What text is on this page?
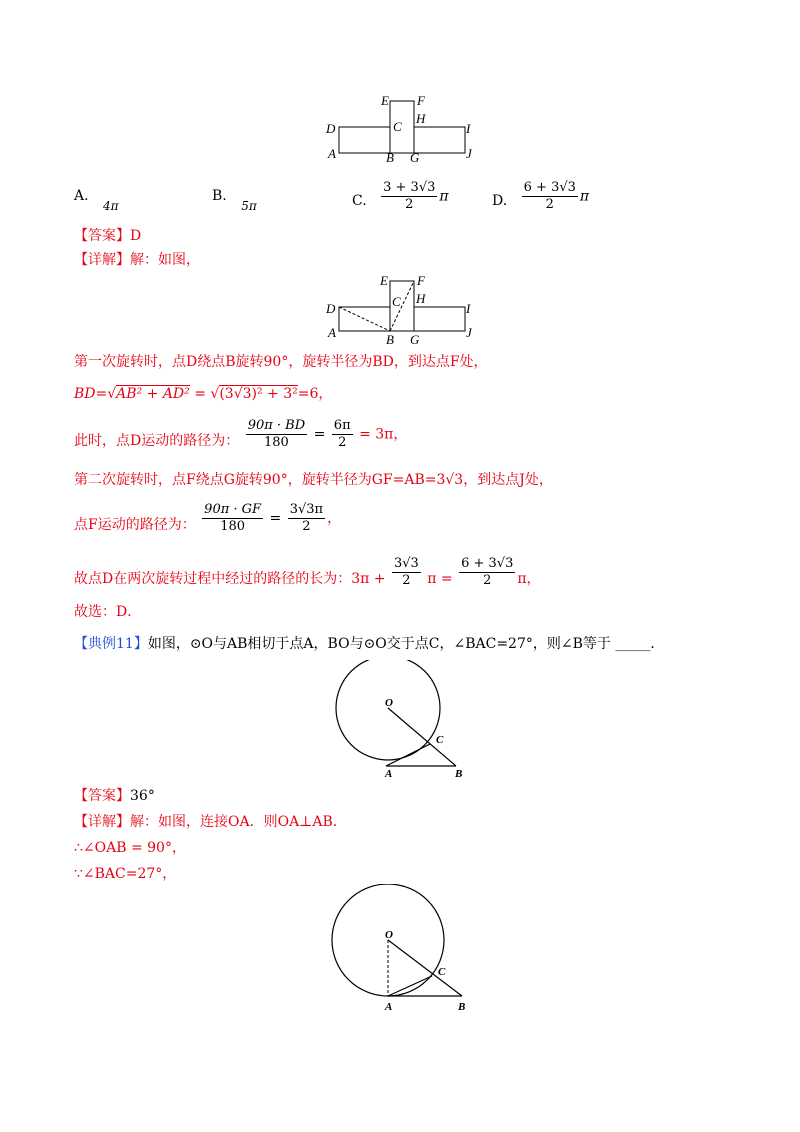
E F
D	C
H
I
A	B G	J
A. 4π
B. 5π	C. $\frac{3 + 3√3}{2}$ π	D. $\frac{6 + 3√3}{2}$ π
【答案】D
【详解】解：如图，
E F
D	C H
I
A	B G	J
第一次旋转时，点D绕点B旋转90°，旋转半径为BD，到达点F处，
BD=√AB² + AD² = √(3√3)² + 3²=6，
此时，点D运动的路径为： $\frac{90\pi \cdot BD}{180} = \frac{6\pi}{2} = 3\pi$，
第二次旋转时，点F绕点G旋转90°，旋转半径为GF=AB=3√3，到达点J处，
点F运动的路径为： $\frac{90\pi \cdot GF}{180} = \frac{3√3\pi}{2}$ ，
故点D在两次旋转过程中经过的路径的长为：$3\pi + \frac{3√3}{2}$ $\pi = \frac{6 + 3√3}{2}$ π，
故选：D．
【典例11】如图，⊙O与AB相切于点A，BO与⊙O交于点C，∠BAC=27°，则∠B等于 _____．
O
C
A	B
【答案】36°
【详解】解：如图，连接OA．则OA⊥AB．
∴∠OAB = 90°，
∵∠BAC=27°，
O
C
A	B
